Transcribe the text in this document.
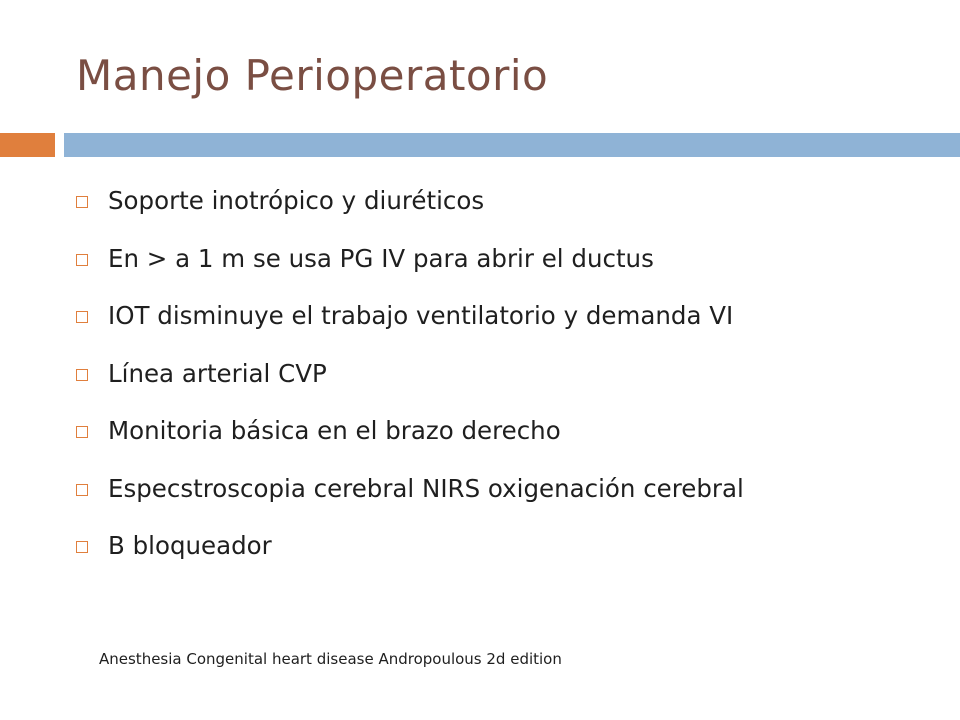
Manejo Perioperatorio
Soporte inotrópico y diuréticos
En > a 1 m se usa PG IV para abrir el ductus
IOT disminuye el trabajo ventilatorio y demanda VI
Línea arterial CVP
Monitoria básica en el brazo derecho
Especstroscopia cerebral NIRS oxigenación cerebral
B bloqueador
Anesthesia Congenital heart disease Andropoulous 2d edition
